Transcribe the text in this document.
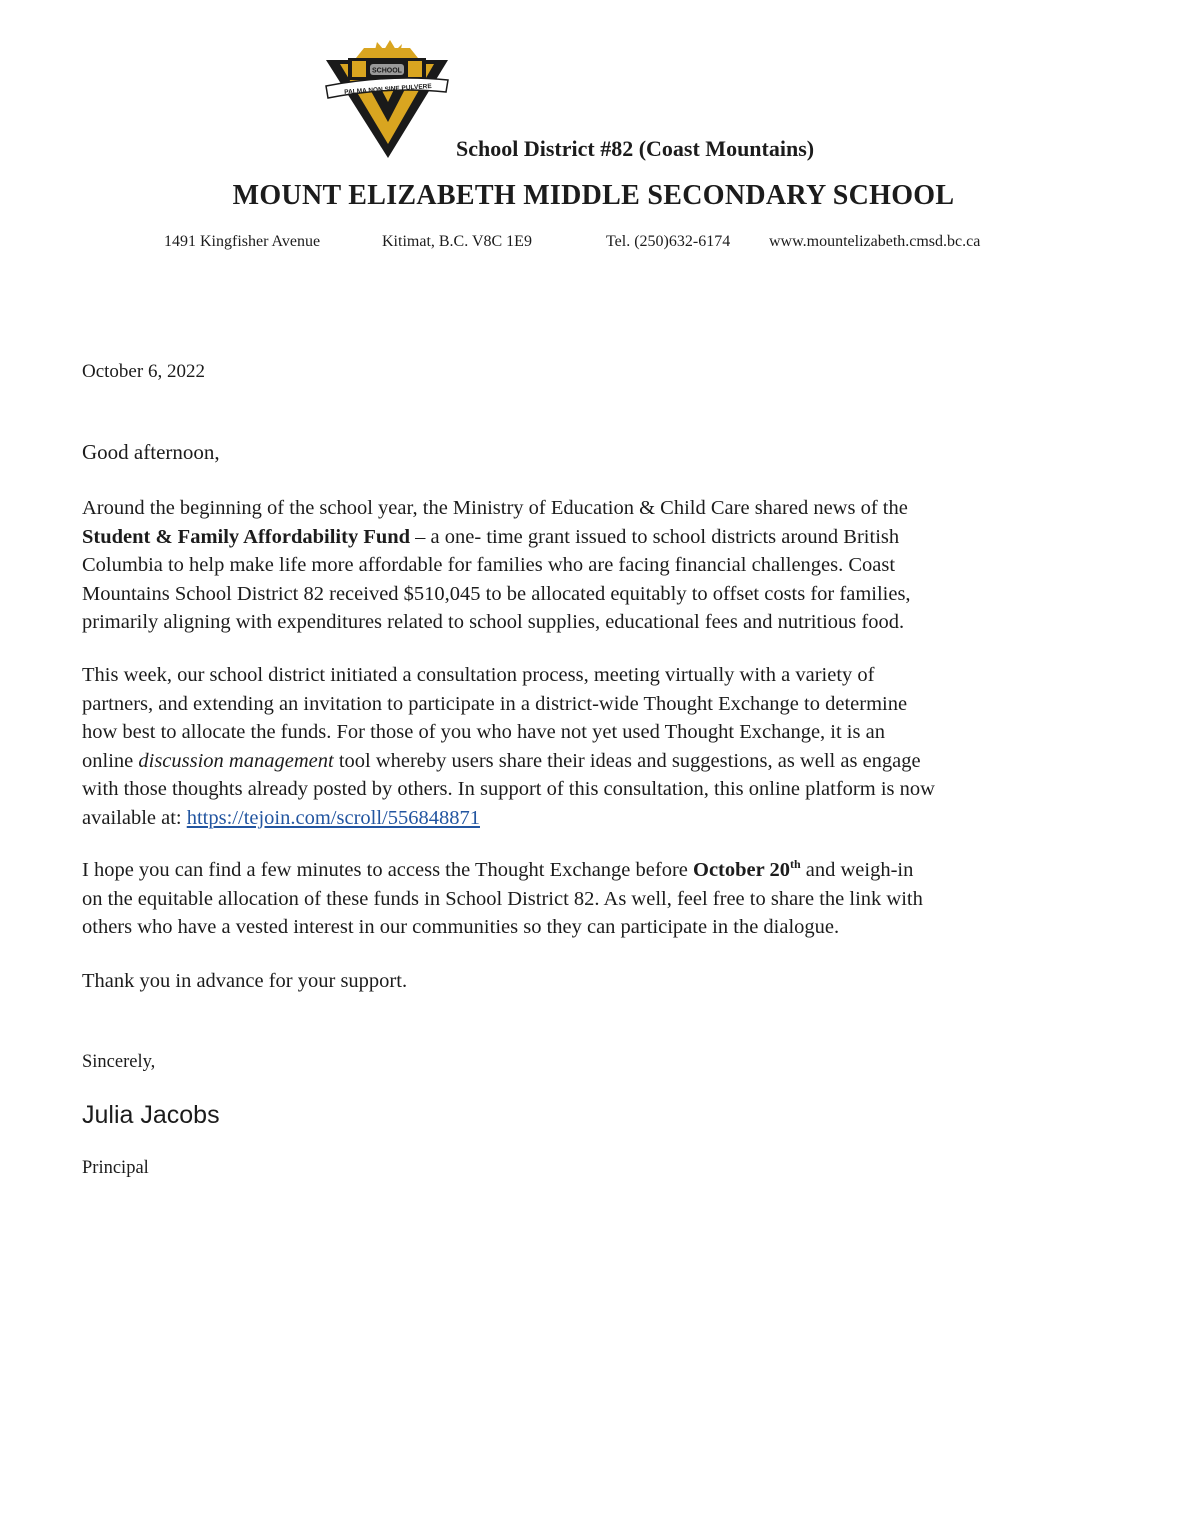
SCHOOL
PALMA NON SINE PULVERE
School District #82 (Coast Mountains)
MOUNT ELIZABETH MIDDLE SECONDARY SCHOOL
1491 Kingfisher Avenue	Kitimat, B.C. V8C 1E9	Tel. (250)632-6174 www.mountelizabeth.cmsd.bc.ca
October 6, 2022
Good afternoon,
Around the beginning of the school year, the Ministry of Education & Child Care shared news of the
Student & Family Affordability Fund – a one- time grant issued to school districts around British
Columbia to help make life more affordable for families who are facing financial challenges. Coast
Mountains School District 82 received $510,045 to be allocated equitably to offset costs for families,
primarily aligning with expenditures related to school supplies, educational fees and nutritious food.
This week, our school district initiated a consultation process, meeting virtually with a variety of
partners, and extending an invitation to participate in a district-wide Thought Exchange to determine
how best to allocate the funds. For those of you who have not yet used Thought Exchange, it is an
online discussion management tool whereby users share their ideas and suggestions, as well as engage
with those thoughts already posted by others. In support of this consultation, this online platform is now
available at: https://tejoin.com/scroll/556848871
I hope you can find a few minutes to access the Thought Exchange before October 20th and weigh-in
on the equitable allocation of these funds in School District 82. As well, feel free to share the link with
others who have a vested interest in our communities so they can participate in the dialogue.
Thank you in advance for your support.
Sincerely,
Julia Jacobs
Principal
